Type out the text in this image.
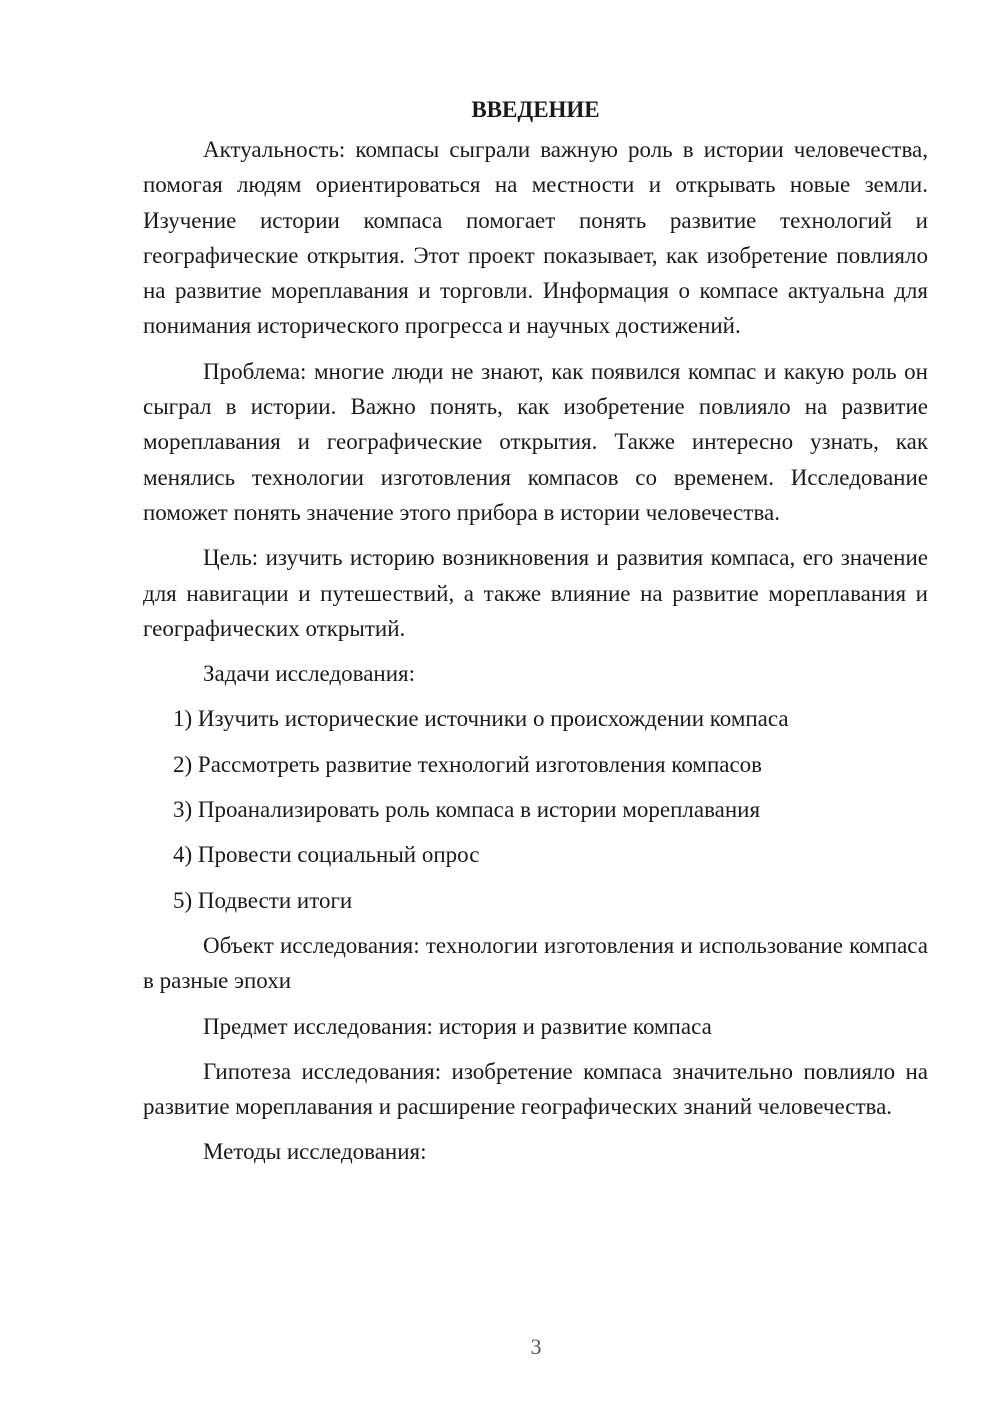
ВВЕДЕНИЕ

Актуальность: компасы сыграли важную роль в истории человечества, помогая людям ориентироваться на местности и открывать новые земли. Изучение истории компаса помогает понять развитие технологий и географические открытия. Этот проект показывает, как изобретение повлияло на развитие мореплавания и торговли. Информация о компасе актуальна для понимания исторического прогресса и научных достижений.

Проблема: многие люди не знают, как появился компас и какую роль он сыграл в истории. Важно понять, как изобретение повлияло на развитие мореплавания и географические открытия. Также интересно узнать, как менялись технологии изготовления компасов со временем. Исследование поможет понять значение этого прибора в истории человечества.

Цель: изучить историю возникновения и развития компаса, его значение для навигации и путешествий, а также влияние на развитие мореплавания и географических открытий.

Задачи исследования:

1) Изучить исторические источники о происхождении компаса

2) Рассмотреть развитие технологий изготовления компасов

3) Проанализировать роль компаса в истории мореплавания

4) Провести социальный опрос

5) Подвести итоги

Объект исследования: технологии изготовления и использование компаса в разные эпохи

Предмет исследования: история и развитие компаса

Гипотеза исследования: изобретение компаса значительно повлияло на развитие мореплавания и расширение географических знаний человечества.

Методы исследования:

3
